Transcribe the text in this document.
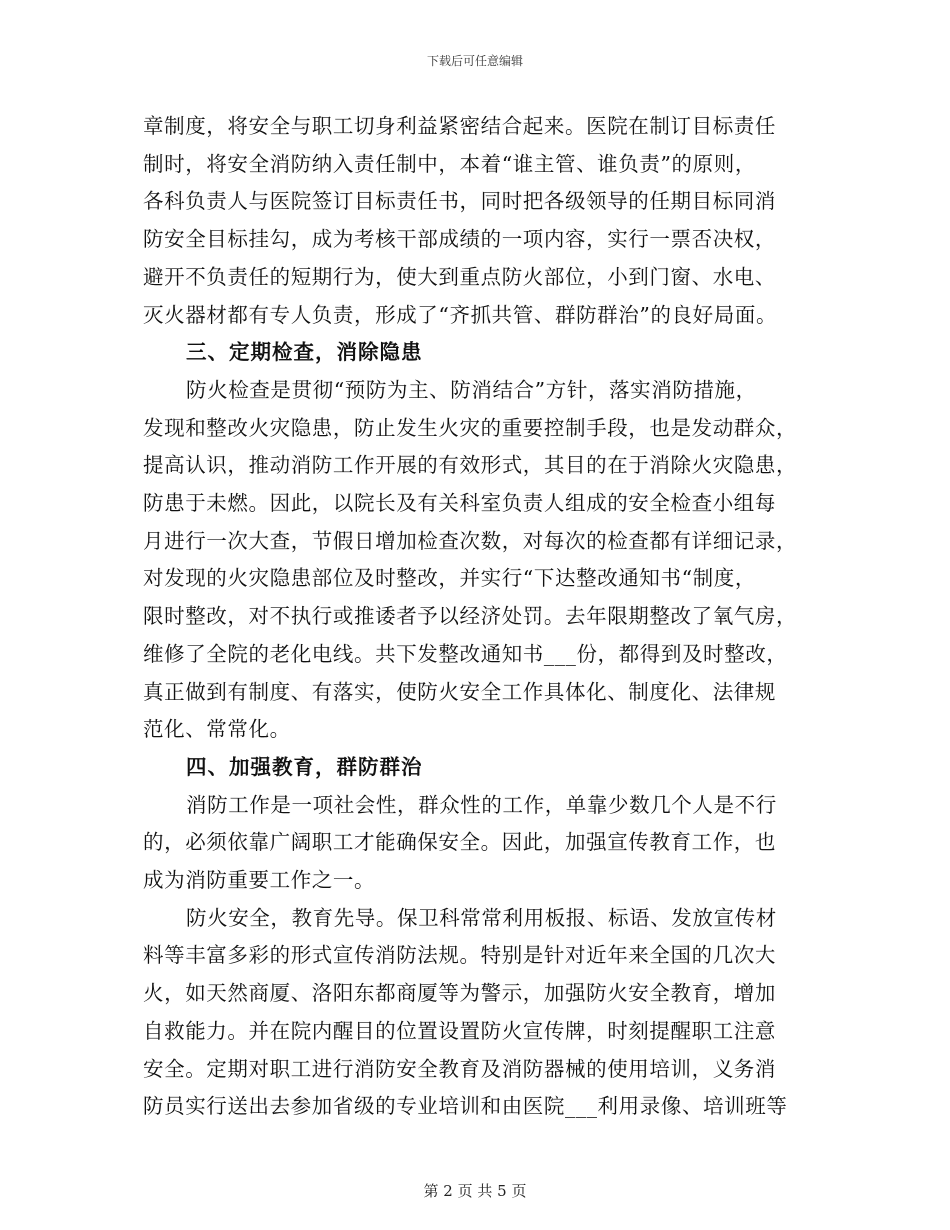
下载后可任意编辑
章制度，将安全与职工切身利益紧密结合起来。医院在制订目标责任
制时，将安全消防纳入责任制中，本着“谁主管、谁负责”的原则，
各科负责人与医院签订目标责任书，同时把各级领导的任期目标同消
防安全目标挂勾，成为考核干部成绩的一项内容，实行一票否决权，
避开不负责任的短期行为，使大到重点防火部位，小到门窗、水电、
灭火器材都有专人负责，形成了“齐抓共管、群防群治”的良好局面。
三、定期检查，消除隐患
防火检查是贯彻“预防为主、防消结合”方针，落实消防措施，
发现和整改火灾隐患，防止发生火灾的重要控制手段，也是发动群众，
提高认识，推动消防工作开展的有效形式，其目的在于消除火灾隐患，
防患于未燃。因此，以院长及有关科室负责人组成的安全检查小组每
月进行一次大查，节假日增加检查次数，对每次的检查都有详细记录，
对发现的火灾隐患部位及时整改，并实行“下达整改通知书“制度，
限时整改，对不执行或推诿者予以经济处罚。去年限期整改了氧气房，
维修了全院的老化电线。共下发整改通知书___份，都得到及时整改，
真正做到有制度、有落实，使防火安全工作具体化、制度化、法律规
范化、常常化。
四、加强教育，群防群治
消防工作是一项社会性，群众性的工作，单靠少数几个人是不行
的，必须依靠广阔职工才能确保安全。因此，加强宣传教育工作，也
成为消防重要工作之一。
防火安全，教育先导。保卫科常常利用板报、标语、发放宣传材
料等丰富多彩的形式宣传消防法规。特别是针对近年来全国的几次大
火，如天然商厦、洛阳东都商厦等为警示，加强防火安全教育，增加
自救能力。并在院内醒目的位置设置防火宣传牌，时刻提醒职工注意
安全。定期对职工进行消防安全教育及消防器械的使用培训，义务消
防员实行送出去参加省级的专业培训和由医院___利用录像、培训班等
第 2 页 共 5 页
